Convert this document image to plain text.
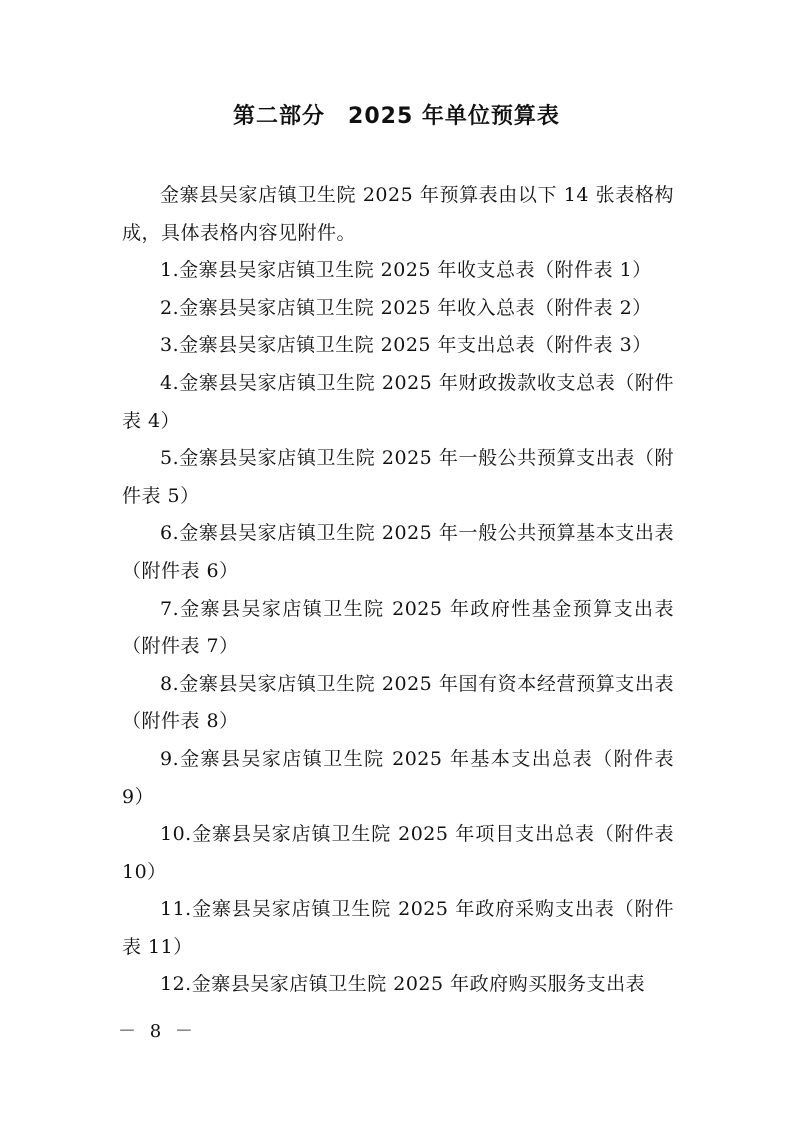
第二部分　2025 年单位预算表

金寨县吴家店镇卫生院 2025 年预算表由以下 14 张表格构成，具体表格内容见附件。

1.金寨县吴家店镇卫生院 2025 年收支总表（附件表 1）

2.金寨县吴家店镇卫生院 2025 年收入总表（附件表 2）

3.金寨县吴家店镇卫生院 2025 年支出总表（附件表 3）

4.金寨县吴家店镇卫生院 2025 年财政拨款收支总表（附件表 4）

5.金寨县吴家店镇卫生院 2025 年一般公共预算支出表（附件表 5）

6.金寨县吴家店镇卫生院 2025 年一般公共预算基本支出表（附件表 6）

7.金寨县吴家店镇卫生院 2025 年政府性基金预算支出表（附件表 7）

8.金寨县吴家店镇卫生院 2025 年国有资本经营预算支出表（附件表 8）

9.金寨县吴家店镇卫生院 2025 年基本支出总表（附件表 9）

10.金寨县吴家店镇卫生院 2025 年项目支出总表（附件表 10）

11.金寨县吴家店镇卫生院 2025 年政府采购支出表（附件表 11）

12.金寨县吴家店镇卫生院 2025 年政府购买服务支出表

－ 8 －
